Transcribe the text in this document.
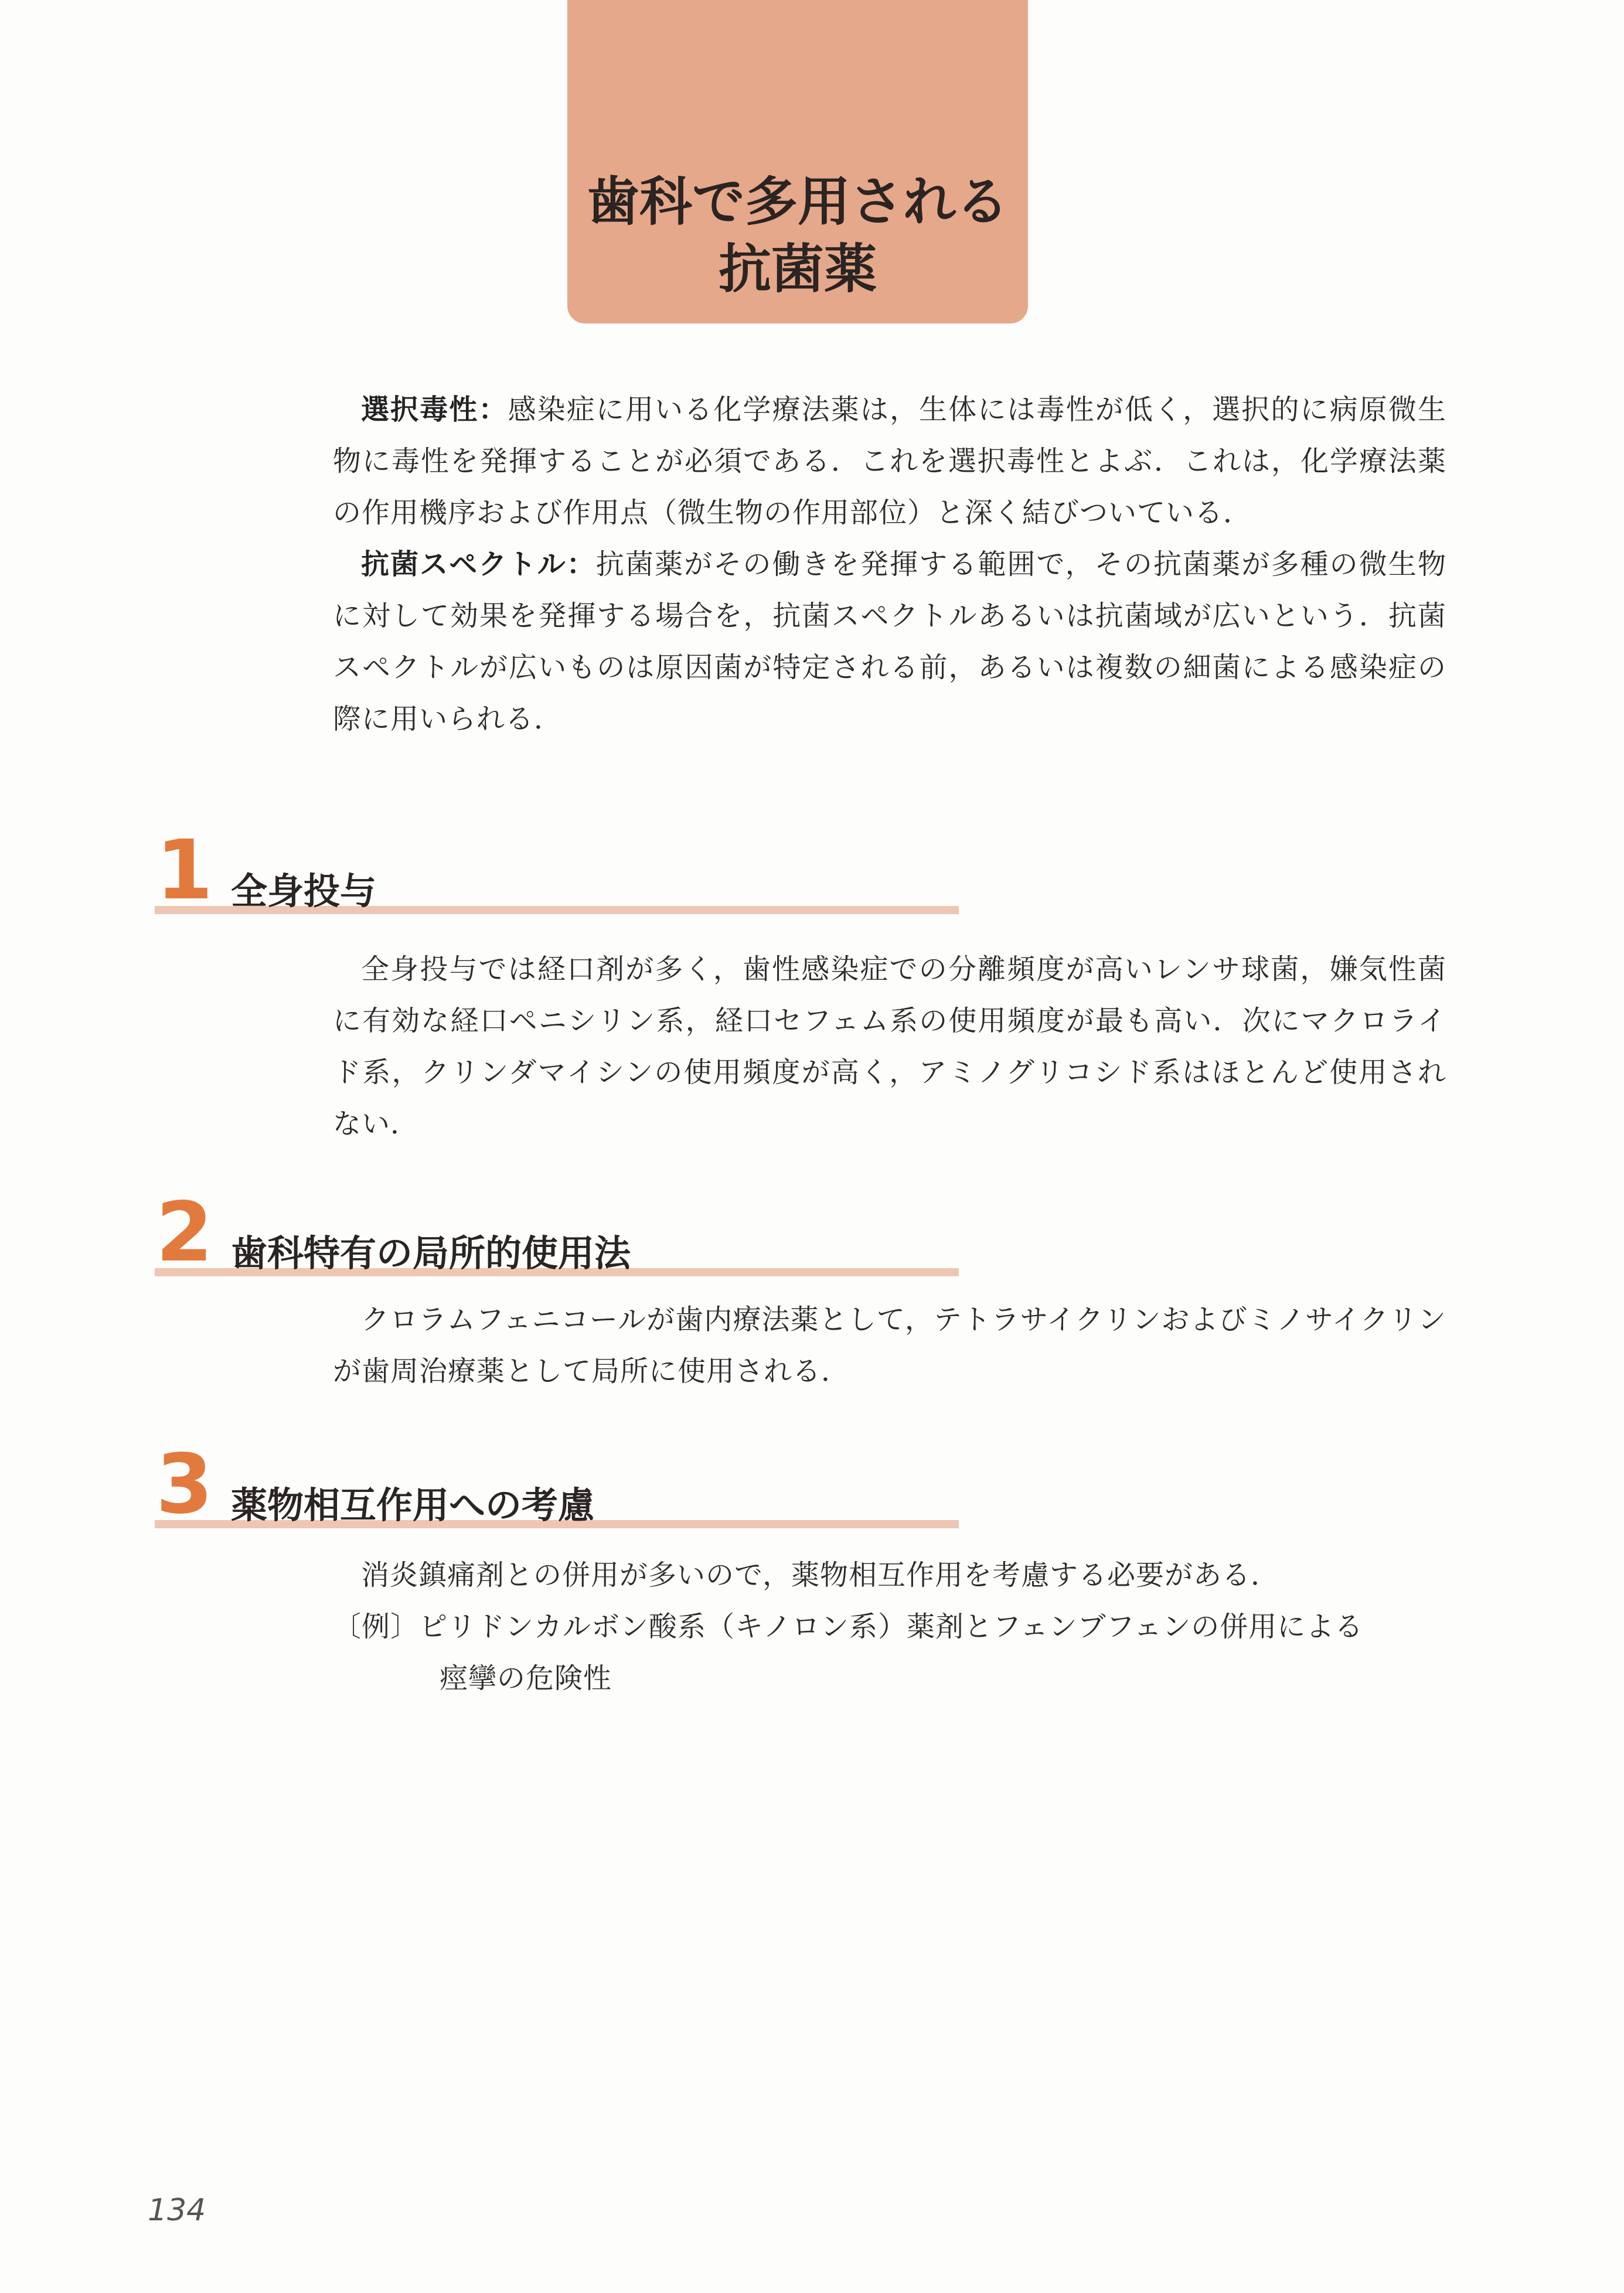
歯科で多用される
抗菌薬

選択毒性：感染症に用いる化学療法薬は，生体には毒性が低く，選択的に病原微生物に毒性を発揮することが必須である．これを選択毒性とよぶ．これは，化学療法薬の作用機序および作用点（微生物の作用部位）と深く結びついている．

抗菌スペクトル：抗菌薬がその働きを発揮する範囲で，その抗菌薬が多種の微生物に対して効果を発揮する場合を，抗菌スペクトルあるいは抗菌域が広いという．抗菌スペクトルが広いものは原因菌が特定される前，あるいは複数の細菌による感染症の際に用いられる．

1 全身投与

全身投与では経口剤が多く，歯性感染症での分離頻度が高いレンサ球菌，嫌気性菌に有効な経口ペニシリン系，経口セフェム系の使用頻度が最も高い．次にマクロライド系，クリンダマイシンの使用頻度が高く，アミノグリコシド系はほとんど使用されない．

2 歯科特有の局所的使用法

クロラムフェニコールが歯内療法薬として，テトラサイクリンおよびミノサイクリンが歯周治療薬として局所に使用される．

3 薬物相互作用への考慮

消炎鎮痛剤との併用が多いので，薬物相互作用を考慮する必要がある．

〔例〕ピリドンカルボン酸系（キノロン系）薬剤とフェンブフェンの併用による
痙攣の危険性
134
